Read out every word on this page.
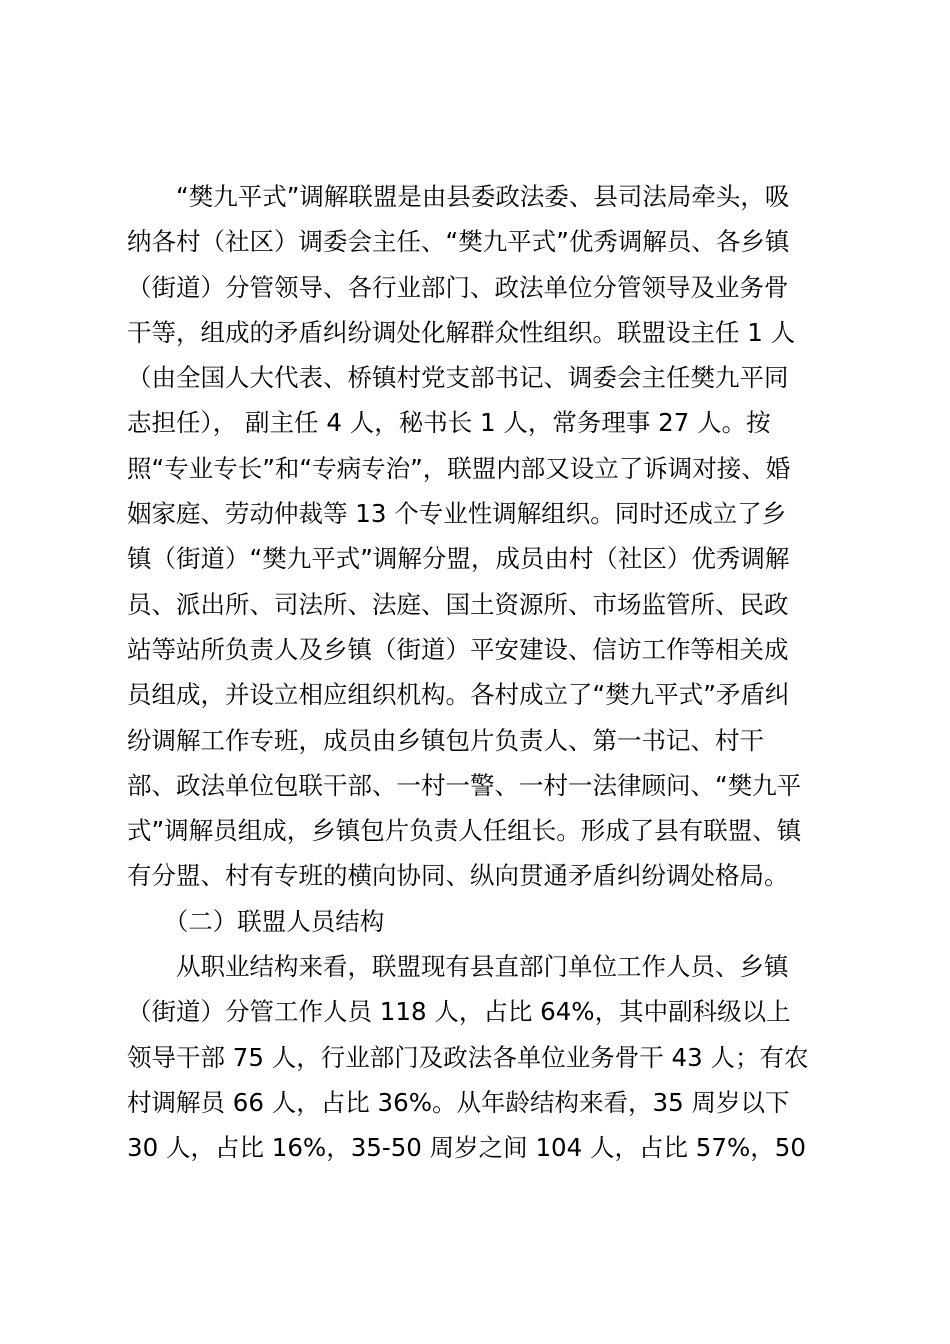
　　“樊九平式”调解联盟是由县委政法委、县司法局牵头，吸
纳各村（社区）调委会主任、“樊九平式”优秀调解员、各乡镇
（街道）分管领导、各行业部门、政法单位分管领导及业务骨
干等，组成的矛盾纠纷调处化解群众性组织。联盟设主任 1 人
（由全国人大代表、桥镇村党支部书记、调委会主任樊九平同
志担任）， 副主任 4 人，秘书长 1 人，常务理事 27 人。按
照“专业专长”和“专病专治”，联盟内部又设立了诉调对接、婚
姻家庭、劳动仲裁等 13 个专业性调解组织。同时还成立了乡
镇（街道）“樊九平式”调解分盟，成员由村（社区）优秀调解
员、派出所、司法所、法庭、国土资源所、市场监管所、民政
站等站所负责人及乡镇（街道）平安建设、信访工作等相关成
员组成，并设立相应组织机构。各村成立了“樊九平式”矛盾纠
纷调解工作专班，成员由乡镇包片负责人、第一书记、村干
部、政法单位包联干部、一村一警、一村一法律顾问、“樊九平
式”调解员组成，乡镇包片负责人任组长。形成了县有联盟、镇
有分盟、村有专班的横向协同、纵向贯通矛盾纠纷调处格局。
　　（二）联盟人员结构
　　从职业结构来看，联盟现有县直部门单位工作人员、乡镇
（街道）分管工作人员 118 人，占比 64%，其中副科级以上
领导干部 75 人，行业部门及政法各单位业务骨干 43 人；有农
村调解员 66 人，占比 36%。从年龄结构来看，35 周岁以下
30 人，占比 16%，35-50 周岁之间 104 人，占比 57%，50
